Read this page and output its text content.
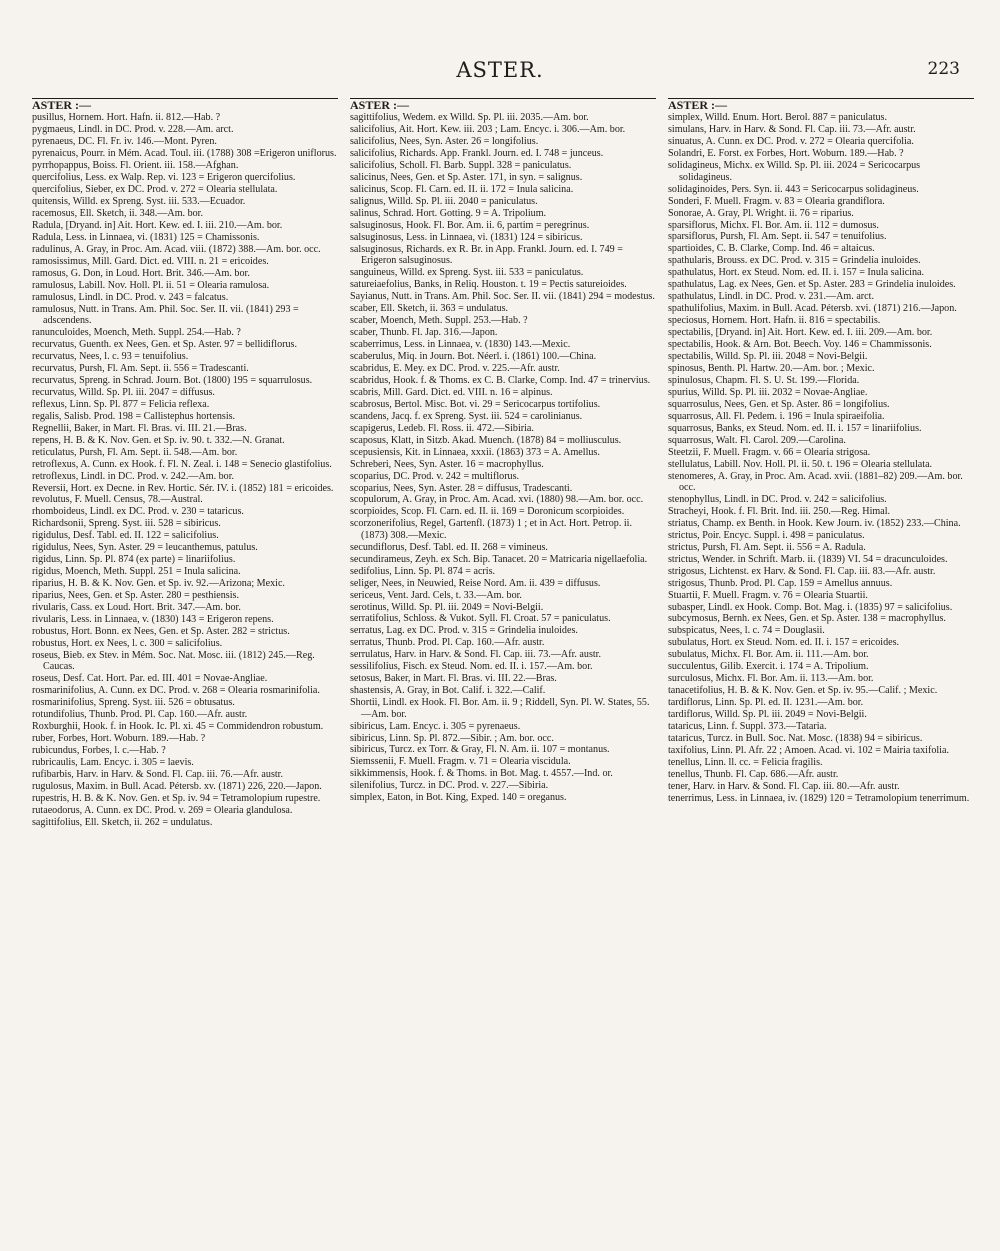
ASTER.	223
ASTER :—
pusillus, Hornem. Hort. Hafn. ii. 812.—Hab. ?
pygmaeus, Lindl. in DC. Prod. v. 228.—Am. arct.
pyrenaeus, DC. Fl. Fr. iv. 146.—Mont. Pyren.
pyrenaicus, Pourr. in Mém. Acad. Toul. iii. (1788) 308 =Erigeron uniflorus.
pyrrhopappus, Boiss. Fl. Orient. iii. 158.—Afghan.
quercifolius, Less. ex Walp. Rep. vi. 123 = Erigeron quercifolius.
quercifolius, Sieber, ex DC. Prod. v. 272 = Olearia stellulata.
quitensis, Willd. ex Spreng. Syst. iii. 533.—Ecuador.
racemosus, Ell. Sketch, ii. 348.—Am. bor.
Radula, [Dryand. in] Ait. Hort. Kew. ed. I. iii. 210.—Am. bor.
Radula, Less. in Linnaea, vi. (1831) 125 = Chamissonis.
radulinus, A. Gray, in Proc. Am. Acad. viii. (1872) 388.—Am. bor. occ.
ramosissimus, Mill. Gard. Dict. ed. VIII. n. 21 = ericoides.
ramosus, G. Don, in Loud. Hort. Brit. 346.—Am. bor.
ramulosus, Labill. Nov. Holl. Pl. ii. 51 = Olearia ramulosa.
ramulosus, Lindl. in DC. Prod. v. 243 = falcatus.
ramulosus, Nutt. in Trans. Am. Phil. Soc. Ser. II. vii. (1841) 293 = adscendens.
ranunculoides, Moench, Meth. Suppl. 254.—Hab. ?
recurvatus, Guenth. ex Nees, Gen. et Sp. Aster. 97 = bellidiflorus.
recurvatus, Nees, l. c. 93 = tenuifolius.
recurvatus, Pursh, Fl. Am. Sept. ii. 556 = Tradescanti.
recurvatus, Spreng. in Schrad. Journ. Bot. (1800) 195 = squarrulosus.
recurvatus, Willd. Sp. Pl. iii. 2047 = diffusus.
reflexus, Linn. Sp. Pl. 877 = Felicia reflexa.
regalis, Salisb. Prod. 198 = Callistephus hortensis.
Regnellii, Baker, in Mart. Fl. Bras. vi. III. 21.—Bras.
repens, H. B. & K. Nov. Gen. et Sp. iv. 90. t. 332.—N. Granat.
reticulatus, Pursh, Fl. Am. Sept. ii. 548.—Am. bor.
retroflexus, A. Cunn. ex Hook. f. Fl. N. Zeal. i. 148 = Senecio glastifolius.
retroflexus, Lindl. in DC. Prod. v. 242.—Am. bor.
Reversii, Hort. ex Decne. in Rev. Hortic. Sér. IV. i. (1852) 181 = ericoides.
revolutus, F. Muell. Census, 78.—Austral.
rhomboideus, Lindl. ex DC. Prod. v. 230 = tataricus.
Richardsonii, Spreng. Syst. iii. 528 = sibiricus.
rigidulus, Desf. Tabl. ed. II. 122 = salicifolius.
rigidulus, Nees, Syn. Aster. 29 = leucanthemus, patulus.
rigidus, Linn. Sp. Pl. 874 (ex parte) = linariifolius.
rigidus, Moench, Meth. Suppl. 251 = Inula salicina.
riparius, H. B. & K. Nov. Gen. et Sp. iv. 92.—Arizona; Mexic.
riparius, Nees, Gen. et Sp. Aster. 280 = pesthiensis.
rivularis, Cass. ex Loud. Hort. Brit. 347.—Am. bor.
rivularis, Less. in Linnaea, v. (1830) 143 = Erigeron repens.
robustus, Hort. Bonn. ex Nees, Gen. et Sp. Aster. 282 = strictus.
robustus, Hort. ex Nees, l. c. 300 = salicifolius.
roseus, Bieb. ex Stev. in Mém. Soc. Nat. Mosc. iii. (1812) 245.—Reg. Caucas.
roseus, Desf. Cat. Hort. Par. ed. III. 401 = Novae-Angliae.
rosmarinifolius, A. Cunn. ex DC. Prod. v. 268 = Olearia rosmarinifolia.
rosmarinifolius, Spreng. Syst. iii. 526 = obtusatus.
rotundifolius, Thunb. Prod. Pl. Cap. 160.—Afr. austr.
Roxburghii, Hook. f. in Hook. Ic. Pl. xi. 45 = Commidendron robustum.
ruber, Forbes, Hort. Woburn. 189.—Hab. ?
rubicundus, Forbes, l. c.—Hab. ?
rubricaulis, Lam. Encyc. i. 305 = laevis.
rufibarbis, Harv. in Harv. & Sond. Fl. Cap. iii. 76.—Afr. austr.
rugulosus, Maxim. in Bull. Acad. Pétersb. xv. (1871) 226, 220.—Japon.
rupestris, H. B. & K. Nov. Gen. et Sp. iv. 94 = Tetramolopium rupestre.
rutaeodorus, A. Cunn. ex DC. Prod. v. 269 = Olearia glandulosa.
sagittifolius, Ell. Sketch, ii. 262 = undulatus.
ASTER :—
sagittifolius, Wedem. ex Willd. Sp. Pl. iii. 2035.—Am. bor.
salicifolius, Ait. Hort. Kew. iii. 203 ; Lam. Encyc. i. 306.—Am. bor.
salicifolius, Nees, Syn. Aster. 26 = longifolius.
salicifolius, Richards. App. Frankl. Journ. ed. I. 748 = junceus.
salicifolius, Scholl. Fl. Barb. Suppl. 328 = paniculatus.
salicinus, Nees, Gen. et Sp. Aster. 171, in syn. = salignus.
salicinus, Scop. Fl. Carn. ed. II. ii. 172 = Inula salicina.
salignus, Willd. Sp. Pl. iii. 2040 = paniculatus.
salinus, Schrad. Hort. Gotting. 9 = A. Tripolium.
salsuginosus, Hook. Fl. Bor. Am. ii. 6, partim = peregrinus.
salsuginosus, Less. in Linnaea, vi. (1831) 124 = sibiricus.
salsuginosus, Richards. ex R. Br. in App. Frankl. Journ. ed. I. 749 = Erigeron salsuginosus.
sanguineus, Willd. ex Spreng. Syst. iii. 533 = paniculatus.
satureiaefolius, Banks, in Reliq. Houston. t. 19 = Pectis satureioides.
Sayianus, Nutt. in Trans. Am. Phil. Soc. Ser. II. vii. (1841) 294 = modestus.
scaber, Ell. Sketch, ii. 363 = undulatus.
scaber, Moench, Meth. Suppl. 253.—Hab. ?
scaber, Thunb. Fl. Jap. 316.—Japon.
scaberrimus, Less. in Linnaea, v. (1830) 143.—Mexic.
scaberulus, Miq. in Journ. Bot. Néerl. i. (1861) 100.—China.
scabridus, E. Mey. ex DC. Prod. v. 225.—Afr. austr.
scabridus, Hook. f. & Thoms. ex C. B. Clarke, Comp. Ind. 47 = trinervius.
scabris, Mill. Gard. Dict. ed. VIII. n. 16 = alpinus.
scabrosus, Bertol. Misc. Bot. vi. 29 = Sericocarpus tortifolius.
scandens, Jacq. f. ex Spreng. Syst. iii. 524 = carolinianus.
scapigerus, Ledeb. Fl. Ross. ii. 472.—Sibiria.
scaposus, Klatt, in Sitzb. Akad. Muench. (1878) 84 = molliusculus.
scepusiensis, Kit. in Linnaea, xxxii. (1863) 373 = A. Amellus.
Schreberi, Nees, Syn. Aster. 16 = macrophyllus.
scoparius, DC. Prod. v. 242 = multiflorus.
scoparius, Nees, Syn. Aster. 28 = diffusus, Tradescanti.
scopulorum, A. Gray, in Proc. Am. Acad. xvi. (1880) 98.—Am. bor. occ.
scorpioides, Scop. Fl. Carn. ed. II. ii. 169 = Doronicum scorpioides.
scorzonerifolius, Regel, Gartenfl. (1873) 1 ; et in Act. Hort. Petrop. ii. (1873) 308.—Mexic.
secundiflorus, Desf. Tabl. ed. II. 268 = vimineus.
secundirameus, Zeyh. ex Sch. Bip. Tanacet. 20 = Matricaria nigellaefolia.
sedifolius, Linn. Sp. Pl. 874 = acris.
seliger, Nees, in Neuwied, Reise Nord. Am. ii. 439 = diffusus.
sericeus, Vent. Jard. Cels, t. 33.—Am. bor.
serotinus, Willd. Sp. Pl. iii. 2049 = Novi-Belgii.
serratifolius, Schloss. & Vukot. Syll. Fl. Croat. 57 = paniculatus.
serratus, Lag. ex DC. Prod. v. 315 = Grindelia inuloides.
serratus, Thunb. Prod. Pl. Cap. 160.—Afr. austr.
serrulatus, Harv. in Harv. & Sond. Fl. Cap. iii. 73.—Afr. austr.
sessilifolius, Fisch. ex Steud. Nom. ed. II. i. 157.—Am. bor.
setosus, Baker, in Mart. Fl. Bras. vi. III. 22.—Bras.
shastensis, A. Gray, in Bot. Calif. i. 322.—Calif.
Shortii, Lindl. ex Hook. Fl. Bor. Am. ii. 9 ; Riddell, Syn. Pl. W. States, 55.—Am. bor.
sibiricus, Lam. Encyc. i. 305 = pyrenaeus.
sibiricus, Linn. Sp. Pl. 872.—Sibir. ; Am. bor. occ.
sibiricus, Turcz. ex Torr. & Gray, Fl. N. Am. ii. 107 = montanus.
Siemssenii, F. Muell. Fragm. v. 71 = Olearia viscidula.
sikkimmensis, Hook. f. & Thoms. in Bot. Mag. t. 4557.—Ind. or.
silenifolius, Turcz. in DC. Prod. v. 227.—Sibiria.
simplex, Eaton, in Bot. King, Exped. 140 = oreganus.
ASTER :—
simplex, Willd. Enum. Hort. Berol. 887 = paniculatus.
simulans, Harv. in Harv. & Sond. Fl. Cap. iii. 73.—Afr. austr.
sinuatus, A. Cunn. ex DC. Prod. v. 272 = Olearia quercifolia.
Solandri, E. Forst. ex Forbes, Hort. Woburn. 189.—Hab. ?
solidagineus, Michx. ex Willd. Sp. Pl. iii. 2024 = Sericocarpus solidagineus.
solidaginoides, Pers. Syn. ii. 443 = Sericocarpus solidagineus.
Sonderi, F. Muell. Fragm. v. 83 = Olearia grandiflora.
Sonorae, A. Gray, Pl. Wright. ii. 76 = riparius.
sparsiflorus, Michx. Fl. Bor. Am. ii. 112 = dumosus.
sparsiflorus, Pursh, Fl. Am. Sept. ii. 547 = tenuifolius.
spartioides, C. B. Clarke, Comp. Ind. 46 = altaicus.
spathularis, Brouss. ex DC. Prod. v. 315 = Grindelia inuloides.
spathulatus, Hort. ex Steud. Nom. ed. II. i. 157 = Inula salicina.
spathulatus, Lag. ex Nees, Gen. et Sp. Aster. 283 = Grindelia inuloides.
spathulatus, Lindl. in DC. Prod. v. 231.—Am. arct.
spathulifolius, Maxim. in Bull. Acad. Pétersb. xvi. (1871) 216.—Japon.
speciosus, Hornem. Hort. Hafn. ii. 816 = spectabilis.
spectabilis, [Dryand. in] Ait. Hort. Kew. ed. I. iii. 209.—Am. bor.
spectabilis, Hook. & Arn. Bot. Beech. Voy. 146 = Chammissonis.
spectabilis, Willd. Sp. Pl. iii. 2048 = Novi-Belgii.
spinosus, Benth. Pl. Hartw. 20.—Am. bor. ; Mexic.
spinulosus, Chapm. Fl. S. U. St. 199.—Florida.
spurius, Willd. Sp. Pl. iii. 2032 = Novae-Angliae.
squarrosulus, Nees, Gen. et Sp. Aster. 86 = longifolius.
squarrosus, All. Fl. Pedem. i. 196 = Inula spiraeifolia.
squarrosus, Banks, ex Steud. Nom. ed. II. i. 157 = linariifolius.
squarrosus, Walt. Fl. Carol. 209.—Carolina.
Steetzii, F. Muell. Fragm. v. 66 = Olearia strigosa.
stellulatus, Labill. Nov. Holl. Pl. ii. 50. t. 196 = Olearia stellulata.
stenomeres, A. Gray, in Proc. Am. Acad. xvii. (1881–82) 209.—Am. bor. occ.
stenophyllus, Lindl. in DC. Prod. v. 242 = salicifolius.
Stracheyi, Hook. f. Fl. Brit. Ind. iii. 250.—Reg. Himal.
striatus, Champ. ex Benth. in Hook. Kew Journ. iv. (1852) 233.—China.
strictus, Poir. Encyc. Suppl. i. 498 = paniculatus.
strictus, Pursh, Fl. Am. Sept. ii. 556 = A. Radula.
strictus, Wender. in Schrift. Marb. ii. (1839) VI. 54 = dracunculoides.
strigosus, Lichtenst. ex Harv. & Sond. Fl. Cap. iii. 83.—Afr. austr.
strigosus, Thunb. Prod. Pl. Cap. 159 = Amellus annuus.
Stuartii, F. Muell. Fragm. v. 76 = Olearia Stuartii.
subasper, Lindl. ex Hook. Comp. Bot. Mag. i. (1835) 97 = salicifolius.
subcymosus, Bernh. ex Nees, Gen. et Sp. Aster. 138 = macrophyllus.
subspicatus, Nees, l. c. 74 = Douglasii.
subulatus, Hort. ex Steud. Nom. ed. II. i. 157 = ericoides.
subulatus, Michx. Fl. Bor. Am. ii. 111.—Am. bor.
succulentus, Gilib. Exercit. i. 174 = A. Tripolium.
surculosus, Michx. Fl. Bor. Am. ii. 113.—Am. bor.
tanacetifolius, H. B. & K. Nov. Gen. et Sp. iv. 95.—Calif. ; Mexic.
tardiflorus, Linn. Sp. Pl. ed. II. 1231.—Am. bor.
tardiflorus, Willd. Sp. Pl. iii. 2049 = Novi-Belgii.
tataricus, Linn. f. Suppl. 373.—Tataria.
tataricus, Turcz. in Bull. Soc. Nat. Mosc. (1838) 94 = sibiricus.
taxifolius, Linn. Pl. Afr. 22 ; Amoen. Acad. vi. 102 = Mairia taxifolia.
tenellus, Linn. ll. cc. = Felicia fragilis.
tenellus, Thunb. Fl. Cap. 686.—Afr. austr.
tener, Harv. in Harv. & Sond. Fl. Cap. iii. 80.—Afr. austr.
tenerrimus, Less. in Linnaea, iv. (1829) 120 = Tetramolopium tenerrimum.
